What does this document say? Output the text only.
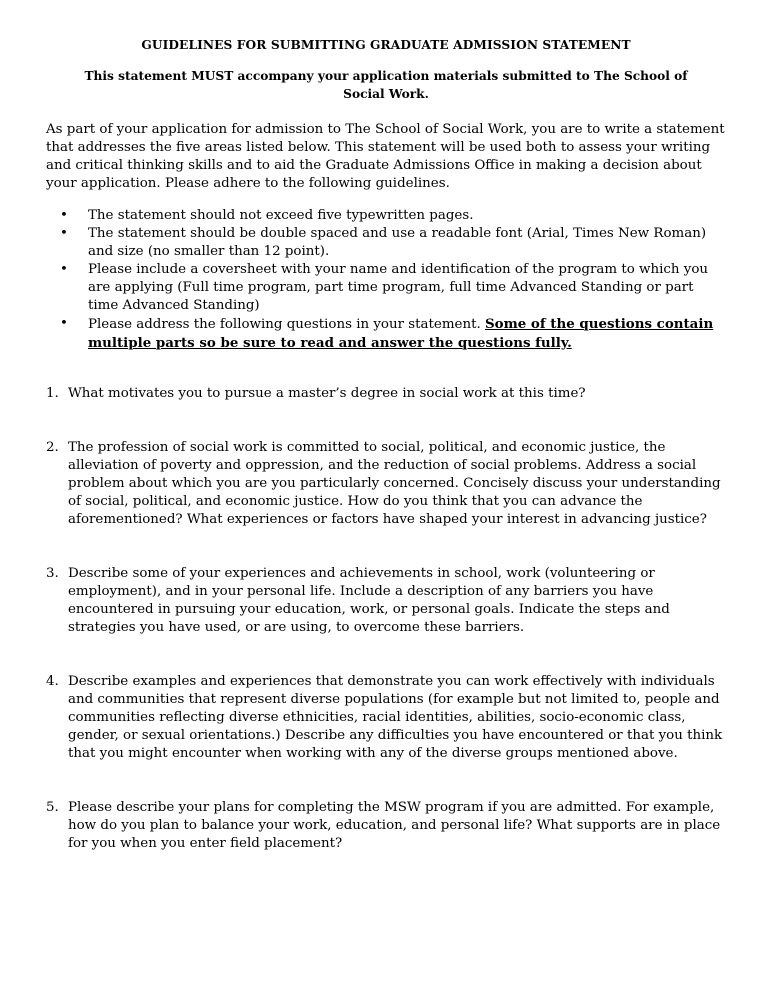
GUIDELINES FOR SUBMITTING GRADUATE ADMISSION STATEMENT
This statement MUST accompany your application materials submitted to The School of Social Work.

As part of your application for admission to The School of Social Work, you are to write a statement that addresses the five areas listed below. This statement will be used both to assess your writing and critical thinking skills and to aid the Graduate Admissions Office in making a decision about your application. Please adhere to the following guidelines.

• The statement should not exceed five typewritten pages.
• The statement should be double spaced and use a readable font (Arial, Times New Roman) and size (no smaller than 12 point).
• Please include a coversheet with your name and identification of the program to which you are applying (Full time program, part time program, full time Advanced Standing or part time Advanced Standing)
• Please address the following questions in your statement. Some of the questions contain multiple parts so be sure to read and answer the questions fully.
1. What motivates you to pursue a master’s degree in social work at this time?
2. The profession of social work is committed to social, political, and economic justice, the alleviation of poverty and oppression, and the reduction of social problems. Address a social problem about which you are you particularly concerned. Concisely discuss your understanding of social, political, and economic justice. How do you think that you can advance the aforementioned? What experiences or factors have shaped your interest in advancing justice?
3. Describe some of your experiences and achievements in school, work (volunteering or employment), and in your personal life. Include a description of any barriers you have encountered in pursuing your education, work, or personal goals. Indicate the steps and strategies you have used, or are using, to overcome these barriers.
4. Describe examples and experiences that demonstrate you can work effectively with individuals and communities that represent diverse populations (for example but not limited to, people and communities reflecting diverse ethnicities, racial identities, abilities, socio-economic class, gender, or sexual orientations.) Describe any difficulties you have encountered or that you think that you might encounter when working with any of the diverse groups mentioned above.
5. Please describe your plans for completing the MSW program if you are admitted. For example, how do you plan to balance your work, education, and personal life? What supports are in place for you when you enter field placement?
